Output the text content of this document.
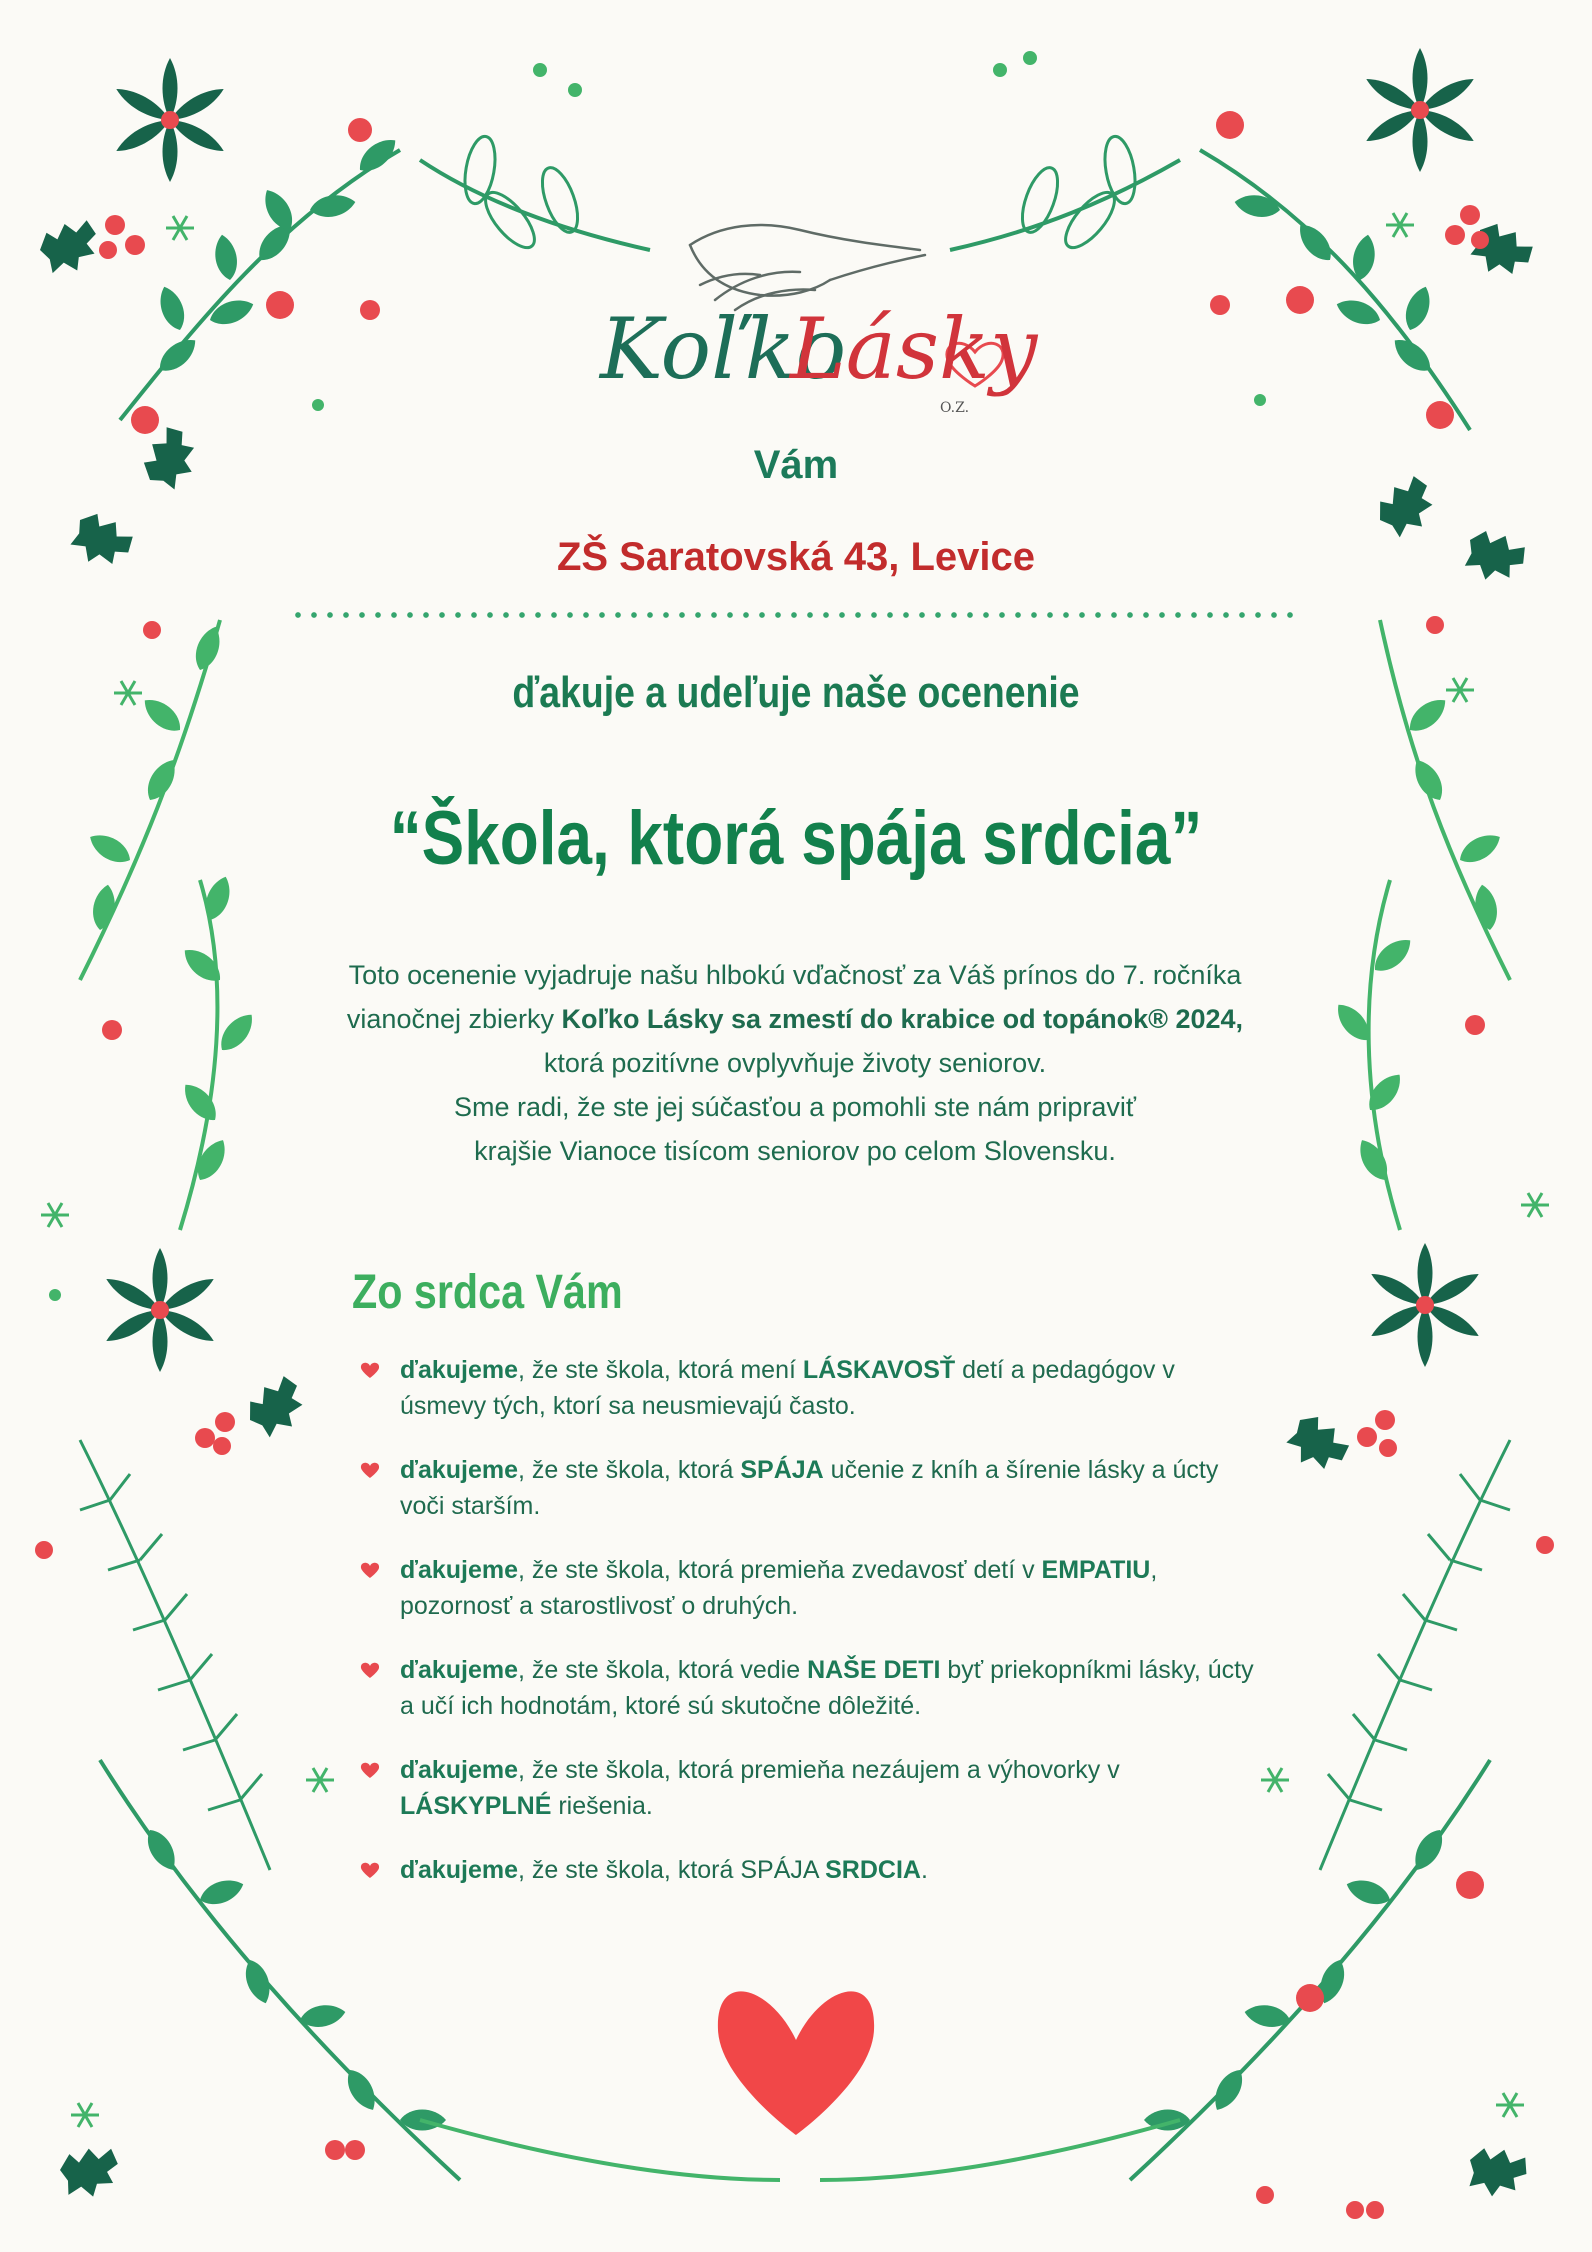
Koľko
Lásky
O.Z.
Vám
ZŠ Saratovská 43, Levice
ďakuje a udeľuje naše ocenenie
“Škola, ktorá spája srdcia”
Toto ocenenie vyjadruje našu hlbokú vďačnosť za Váš prínos do 7. ročníka
vianočnej zbierky Koľko Lásky sa zmestí do krabice od topánok® 2024,
ktorá pozitívne ovplyvňuje životy seniorov.
Sme radi, že ste jej súčasťou a pomohli ste nám pripraviť
krajšie Vianoce tisícom seniorov po celom Slovensku.
Zo srdca Vám
ďakujeme, že ste škola, ktorá mení LÁSKAVOSŤ detí a pedagógov v úsmevy tých, ktorí sa neusmievajú často.
ďakujeme, že ste škola, ktorá SPÁJA učenie z kníh a šírenie lásky a úcty voči starším.
ďakujeme, že ste škola, ktorá premieňa zvedavosť detí v EMPATIU, pozornosť a starostlivosť o druhých.
ďakujeme, že ste škola, ktorá vedie NAŠE DETI byť priekopníkmi lásky, úcty a učí ich hodnotám, ktoré sú skutočne dôležité.
ďakujeme, že ste škola, ktorá premieňa nezáujem a výhovorky v LÁSKYPLNÉ riešenia.
ďakujeme, že ste škola, ktorá SPÁJA SRDCIA.
